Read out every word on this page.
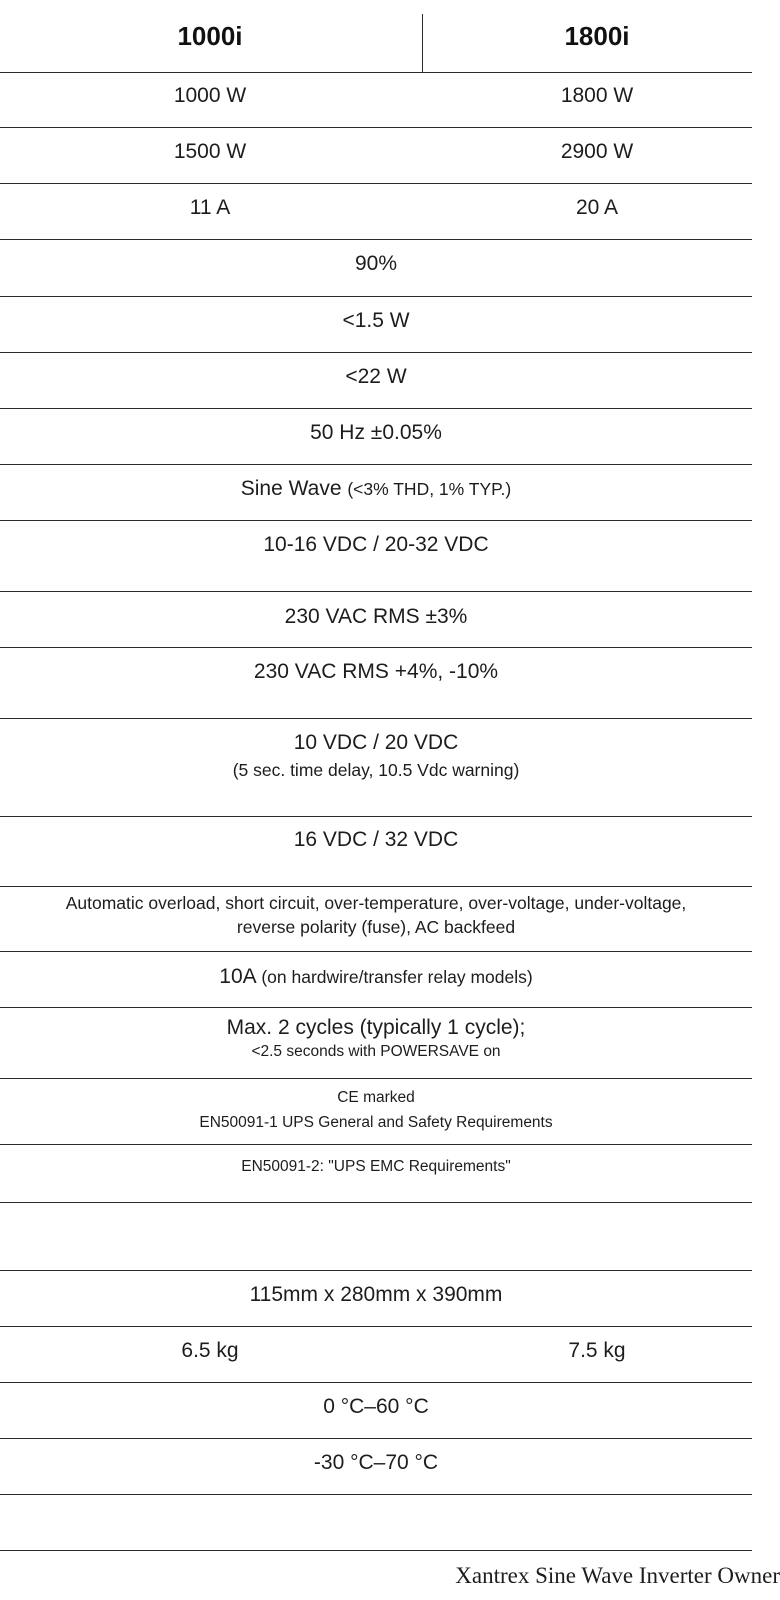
1000i	1800i
1000 W	1800 W
1500 W	2900 W
11 A	20 A
90%
<1.5 W
<22 W
50 Hz ±0.05%
Sine Wave (<3% THD, 1% TYP.)
10-16 VDC / 20-32 VDC
230 VAC RMS ±3%
230 VAC RMS +4%, -10%
10 VDC / 20 VDC
(5 sec. time delay, 10.5 Vdc warning)
16 VDC / 32 VDC
Automatic overload, short circuit, over-temperature, over-voltage, under-voltage,
reverse polarity (fuse), AC backfeed
10A (on hardwire/transfer relay models)
Max. 2 cycles (typically 1 cycle);
<2.5 seconds with POWERSAVE on
CE marked
EN50091-1 UPS General and Safety Requirements
EN50091-2: "UPS EMC Requirements"
115mm x 280mm x 390mm
6.5 kg	7.5 kg
0 °C–60 °C
-30 °C–70 °C
Xantrex Sine Wave Inverter Owner
